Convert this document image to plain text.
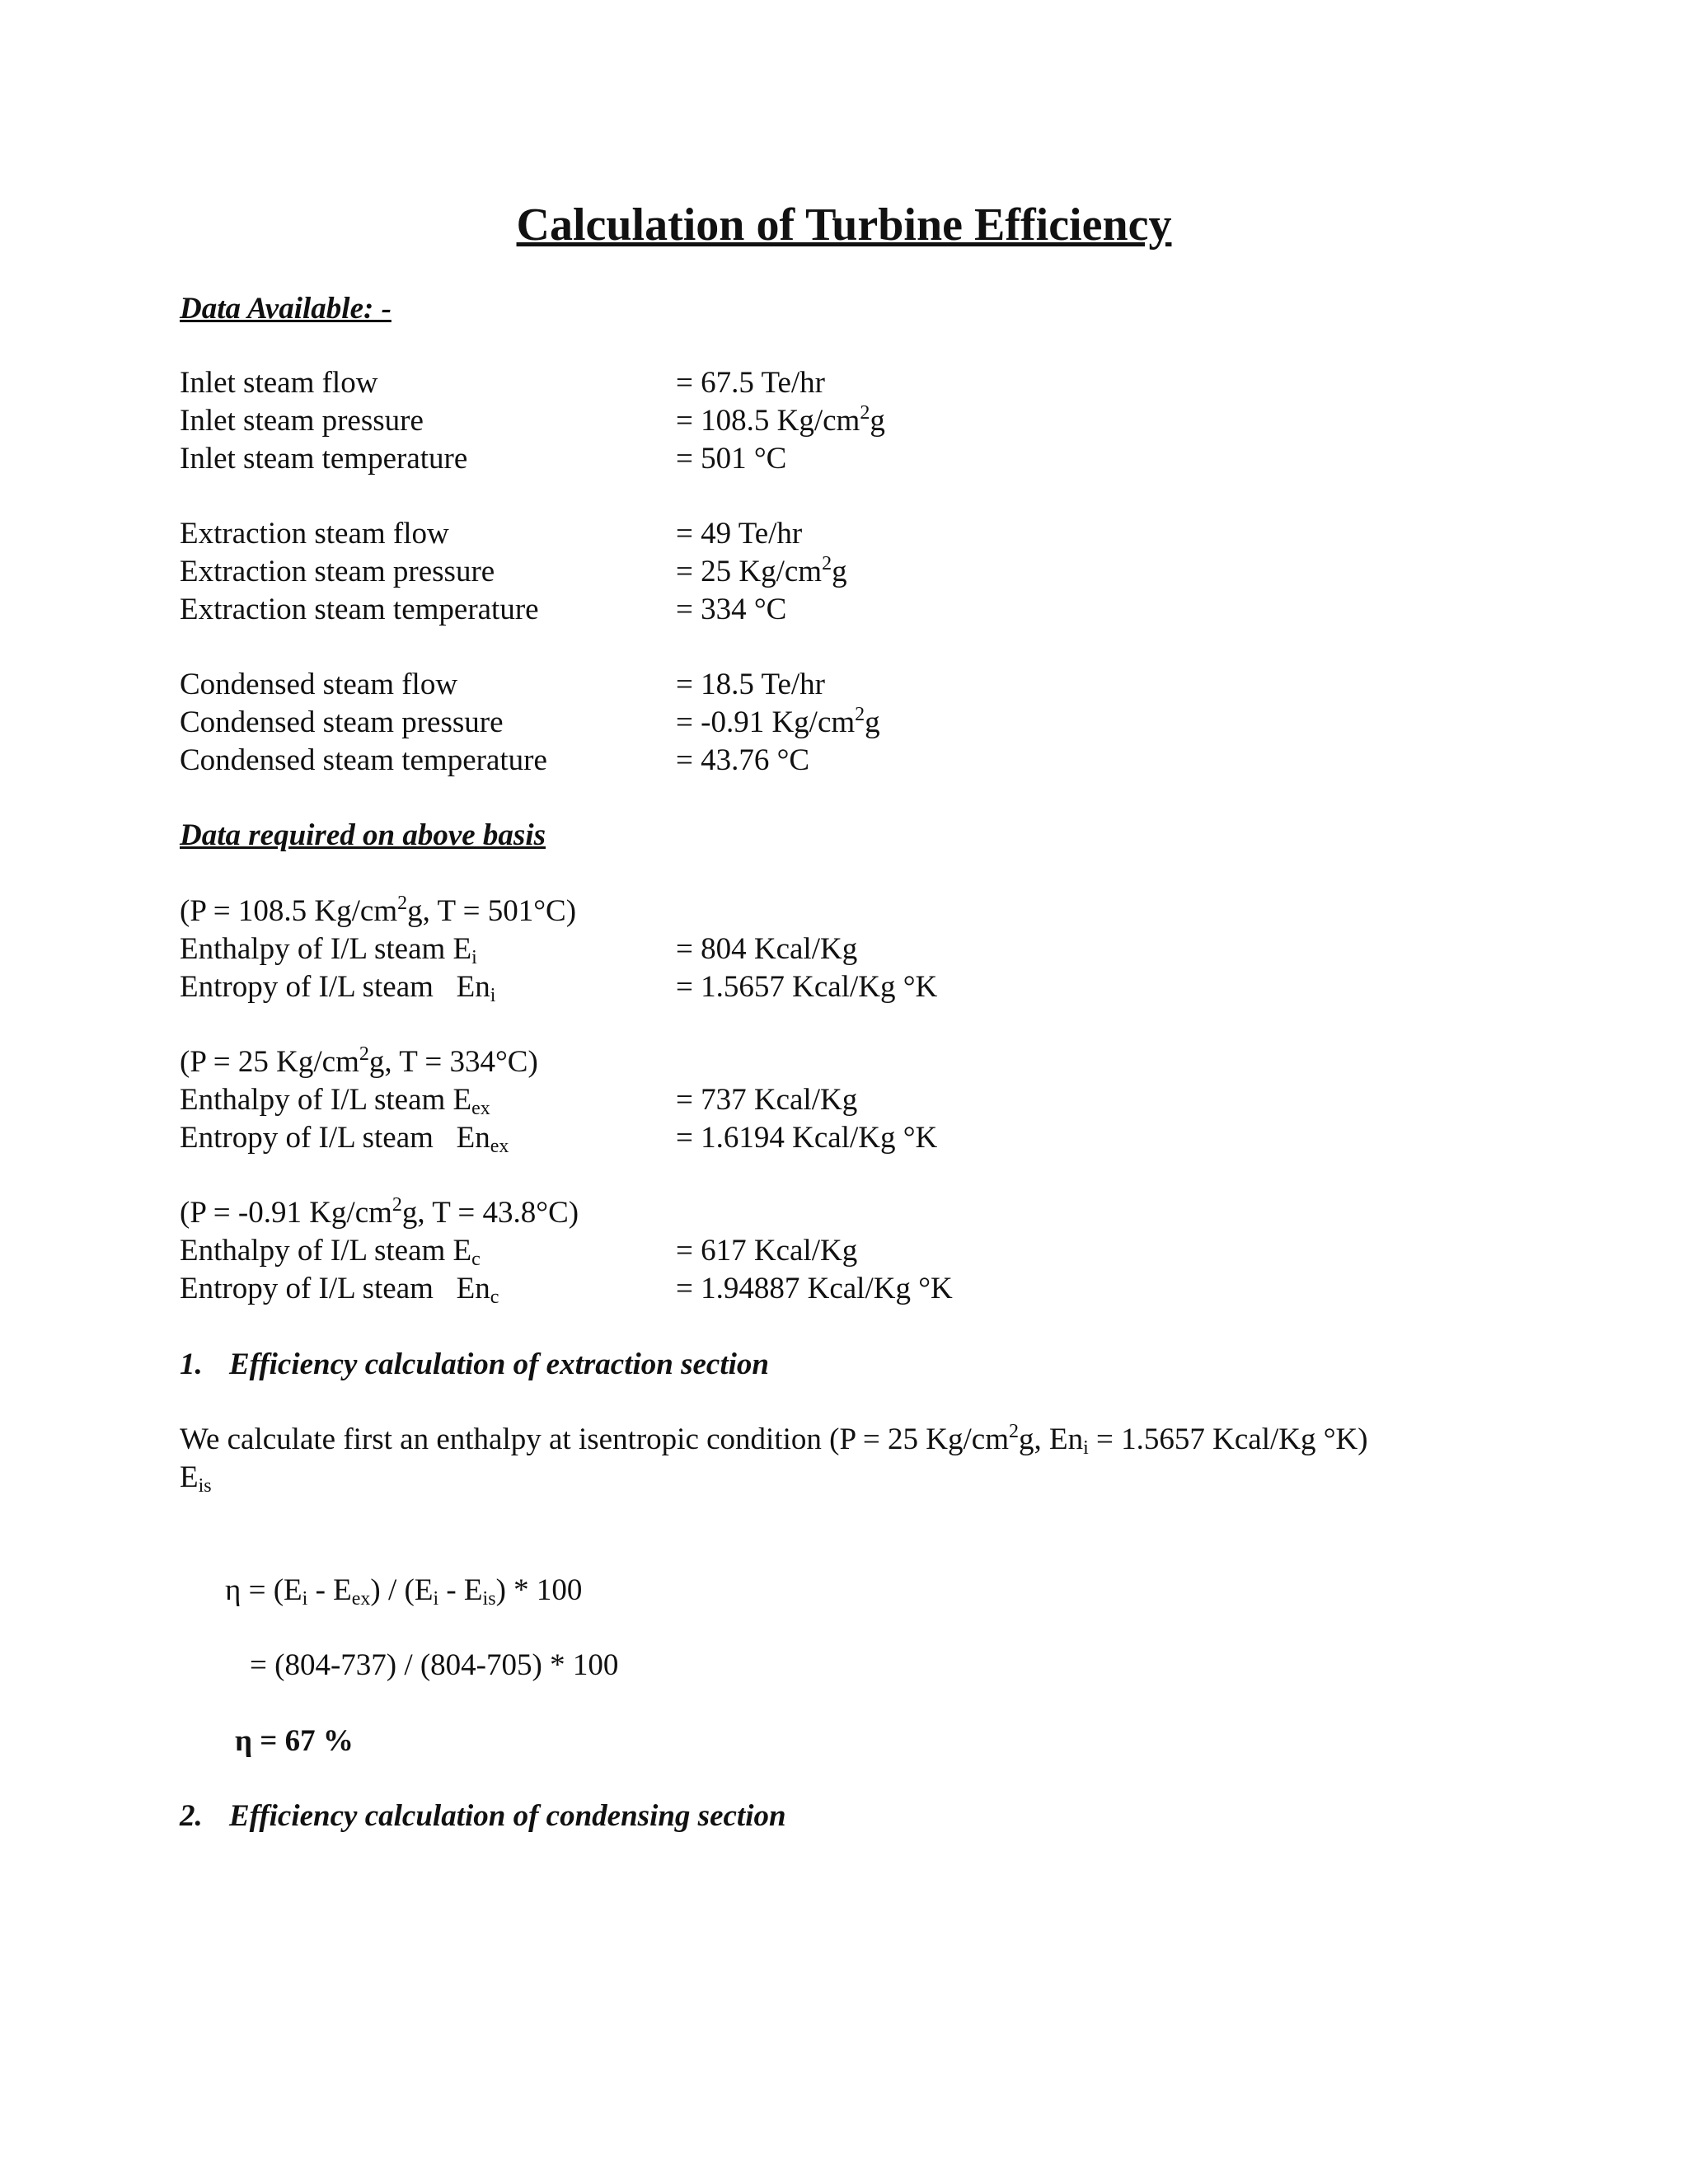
Calculation of Turbine Efficiency
Data Available: -
Inlet steam flow	= 67.5 Te/hr
Inlet steam pressure	= 108.5 $Kg/cm^2g$
Inlet steam temperature	= 501 °C
Extraction steam flow	= 49 Te/hr
Extraction steam pressure	= 25 $Kg/cm^2g$
Extraction steam temperature	= 334 °C
Condensed steam flow	= 18.5 Te/hr
Condensed steam pressure	= -0.91 $Kg/cm^2g$
Condensed steam temperature	= 43.76 °C
Data required on above basis
(P = 108.5 $Kg/cm^2g$, T = 501°C)
Enthalpy of I/L steam $E_i$	= 804 Kcal/Kg
Entropy of I/L steam   $En_i$	= 1.5657 Kcal/Kg °K
(P = 25 $Kg/cm^2g$, T = 334°C)
Enthalpy of I/L steam $E_{ex}$	= 737 Kcal/Kg
Entropy of I/L steam   $En_{ex}$	= 1.6194 Kcal/Kg °K
(P = -0.91 $Kg/cm^2g$, T = 43.8°C)
Enthalpy of I/L steam $E_c$	= 617 Kcal/Kg
Entropy of I/L steam   $En_c$	= 1.94887 Kcal/Kg °K
1. Efficiency calculation of extraction section
We calculate first an enthalpy at isentropic condition (P = 25 $Kg/cm^2g$, $En_i = 1.5657$ Kcal/Kg °K)
$E_{is}$
$\eta = (E_i - E_{ex}) / (E_i - E_{is}) * 100$
= (804-737) / (804-705) * 100
η = 67 %
2. Efficiency calculation of condensing section
